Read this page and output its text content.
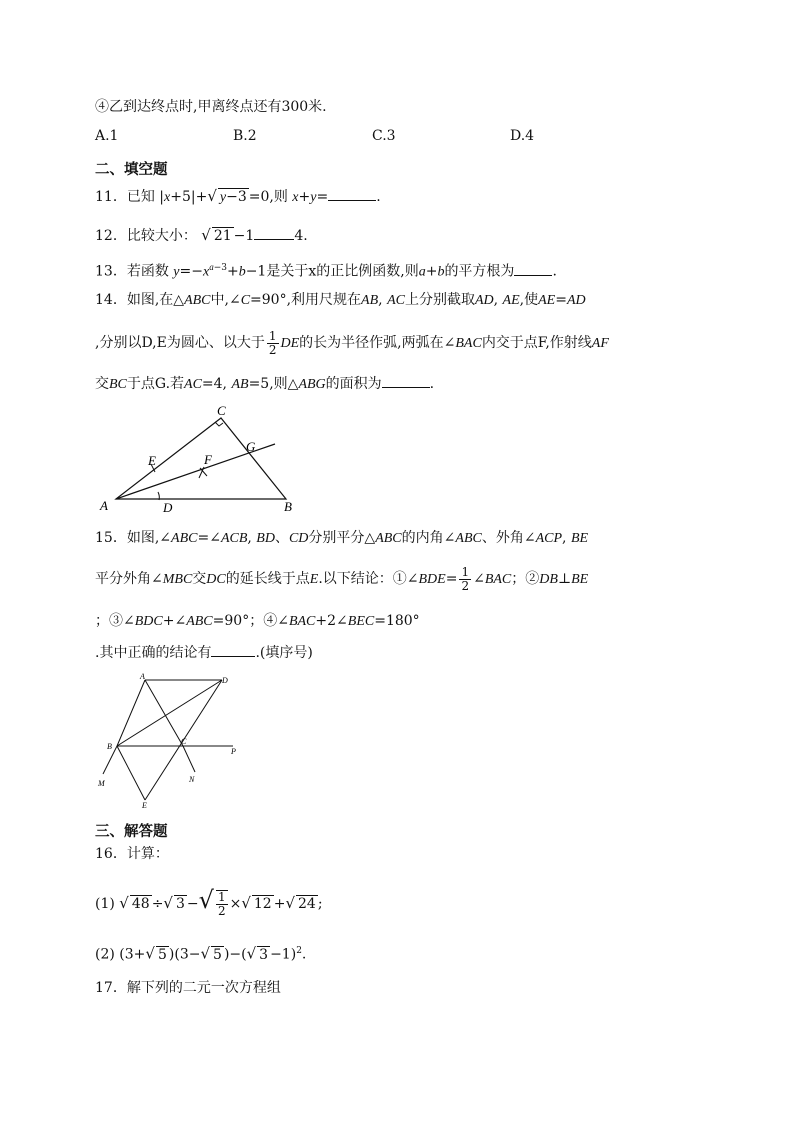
④乙到达终点时,甲离终点还有300米.
A.1	B.2	C.3	D.4
二、填空题
11．已知 |x+5|+√ y−3 =0,则 x+y=	.
12．比较大小： √ 21 −1	4.
13．若函数 $y=-x^{a-3}+b-1$是关于x的正比例函数,则a+b的平方根为	.
14．如图,在△ABC中,∠C=90°,利用尺规在AB, AC上分别截取AD, AE,使AE=AD
,分别以D,E为圆心、以大于 $\frac{1}{2}$ DE的长为半径作弧,两弧在∠BAC内交于点F,作射线AF
交BC于点G.若AC=4, AB=5,则△ABG的面积为	.
C
G
E	F
A	D	B
15．如图,∠ABC=∠ACB, BD、CD分别平分△ABC的内角∠ABC、外角∠ACP, BE
平分外角∠MBC交DC的延长线于点E.以下结论：①∠BDE= $\frac{1}{2}$ ∠BAC；②DB⊥BE
；③∠BDC+∠ABC=90°；④∠BAC+2∠BEC=180°
.其中正确的结论有	.(填序号)
A	D
B
C
P
M	N
E
三、解答题
16．计算：
(1) √ 48 ÷√ 3 −√ $\frac{1}{2}$ ×√ 12 +√ 24 ;
(2) (3+√ 5 )(3−√ 5 )−(√ 3 −1)$^2$.
17．解下列的二元一次方程组
